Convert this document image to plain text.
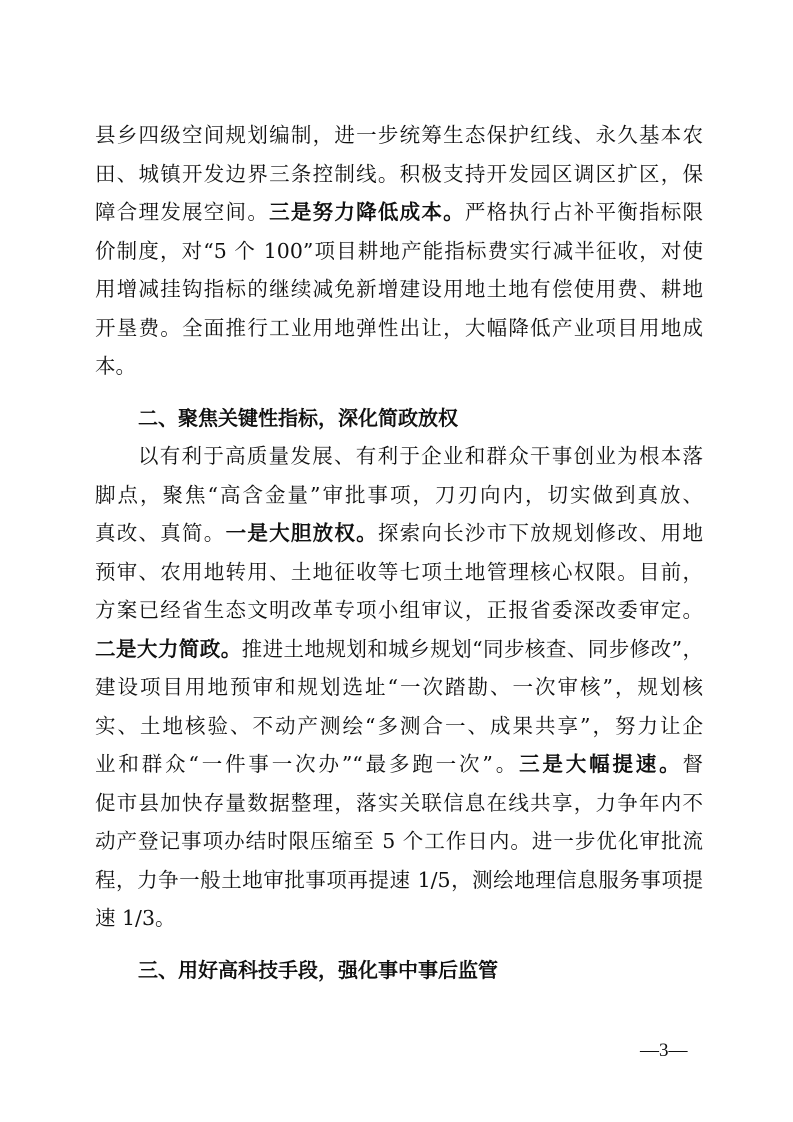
县乡四级空间规划编制，进一步统筹生态保护红线、永久基本农
田、城镇开发边界三条控制线。积极支持开发园区调区扩区，保
障合理发展空间。三是努力降低成本。严格执行占补平衡指标限
价制度，对“5 个 100”项目耕地产能指标费实行减半征收，对使
用增减挂钩指标的继续减免新增建设用地土地有偿使用费、耕地
开垦费。全面推行工业用地弹性出让，大幅降低产业项目用地成
本。
二、聚焦关键性指标，深化简政放权
以有利于高质量发展、有利于企业和群众干事创业为根本落
脚点，聚焦“高含金量”审批事项，刀刃向内，切实做到真放、
真改、真简。一是大胆放权。探索向长沙市下放规划修改、用地
预审、农用地转用、土地征收等七项土地管理核心权限。目前，
方案已经省生态文明改革专项小组审议，正报省委深改委审定。
二是大力简政。推进土地规划和城乡规划“同步核查、同步修改”，
建设项目用地预审和规划选址“一次踏勘、一次审核”，规划核
实、土地核验、不动产测绘“多测合一、成果共享”，努力让企
业和群众“一件事一次办”“最多跑一次”。三是大幅提速。督
促市县加快存量数据整理，落实关联信息在线共享，力争年内不
动产登记事项办结时限压缩至 5 个工作日内。进一步优化审批流
程，力争一般土地审批事项再提速 1/5，测绘地理信息服务事项提
速 1/3。
三、用好高科技手段，强化事中事后监管
—3—
